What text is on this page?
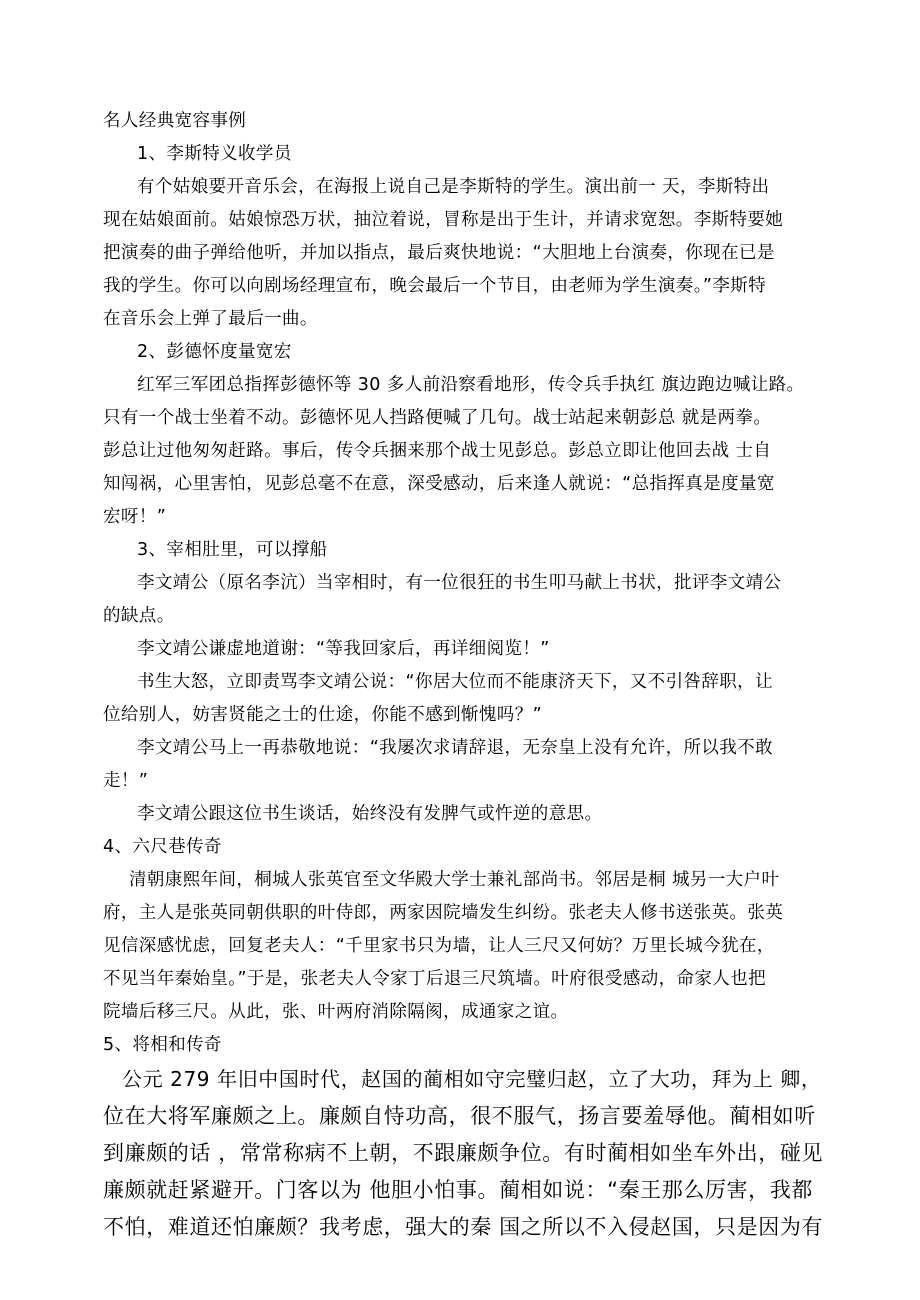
名人经典宽容事例
1、李斯特义收学员
有个姑娘要开音乐会，在海报上说自己是李斯特的学生。演出前一 天，李斯特出
现在姑娘面前。姑娘惊恐万状，抽泣着说，冒称是出于生计，并请求宽恕。李斯特要她
把演奏的曲子弹给他听，并加以指点，最后爽快地说：“大胆地上台演奏，你现在已是
我的学生。你可以向剧场经理宣布，晚会最后一个节目，由老师为学生演奏。”李斯特
在音乐会上弹了最后一曲。
2、彭德怀度量宽宏
红军三军团总指挥彭德怀等 30 多人前沿察看地形，传令兵手执红 旗边跑边喊让路。
只有一个战士坐着不动。彭德怀见人挡路便喊了几句。战士站起来朝彭总 就是两拳。
彭总让过他匆匆赶路。事后，传令兵捆来那个战士见彭总。彭总立即让他回去战 士自
知闯祸，心里害怕，见彭总毫不在意，深受感动，后来逢人就说：“总指挥真是度量宽
宏呀！”
3、宰相肚里，可以撑船
李文靖公（原名李沆）当宰相时，有一位很狂的书生叩马献上书状，批评李文靖公
的缺点。
李文靖公谦虚地道谢：“等我回家后，再详细阅览！”
书生大怒，立即责骂李文靖公说：“你居大位而不能康济天下，又不引咎辞职，让
位给别人，妨害贤能之士的仕途，你能不感到惭愧吗？”
李文靖公马上一再恭敬地说：“我屡次求请辞退，无奈皇上没有允许，所以我不敢
走！”
李文靖公跟这位书生谈话，始终没有发脾气或忤逆的意思。
4、六尺巷传奇
清朝康熙年间，桐城人张英官至文华殿大学士兼礼部尚书。邻居是桐 城另一大户叶
府，主人是张英同朝供职的叶侍郎，两家因院墙发生纠纷。张老夫人修书送张英。张英
见信深感忧虑，回复老夫人：“千里家书只为墙，让人三尺又何妨？万里长城今犹在，
不见当年秦始皇。”于是，张老夫人令家丁后退三尺筑墙。叶府很受感动，命家人也把
院墙后移三尺。从此，张、叶两府消除隔阂，成通家之谊。
5、将相和传奇
公元 279 年旧中国时代，赵国的蔺相如守完璧归赵，立了大功，拜为上 卿，
位在大将军廉颇之上。廉颇自恃功高，很不服气，扬言要羞辱他。蔺相如听
到廉颇的话 ，常常称病不上朝，不跟廉颇争位。有时蔺相如坐车外出，碰见
廉颇就赶紧避开。门客以为 他胆小怕事。蔺相如说：“秦王那么厉害，我都
不怕，难道还怕廉颇？我考虑，强大的秦 国之所以不入侵赵国，只是因为有
